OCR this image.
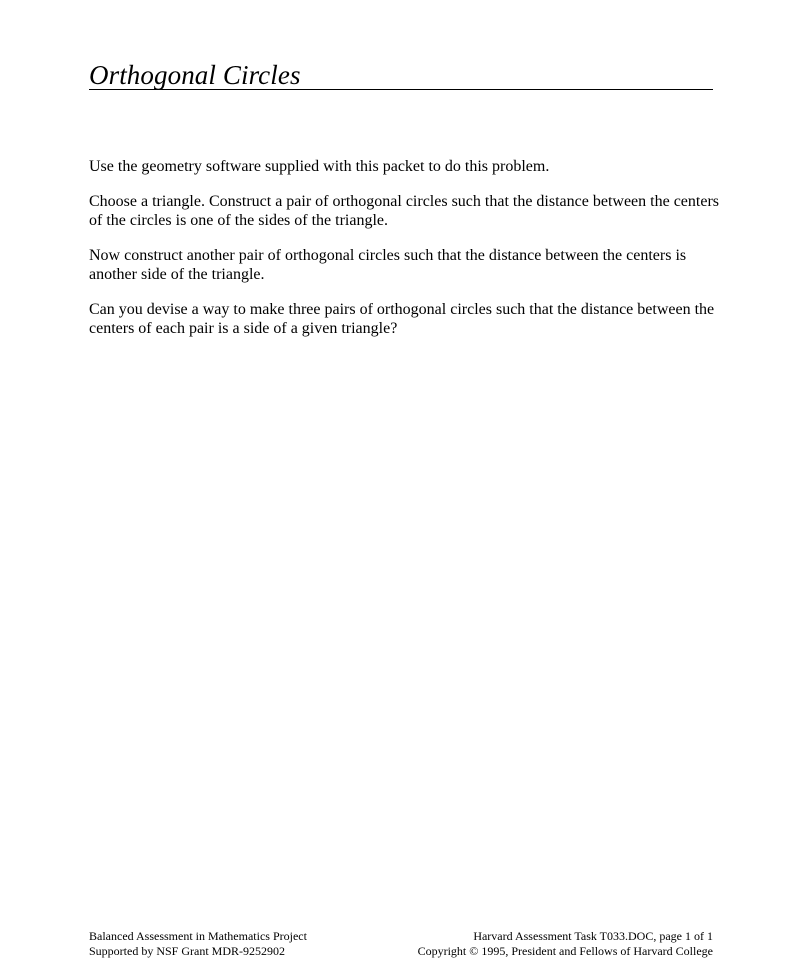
Orthogonal Circles

Use the geometry software supplied with this packet to do this problem.

Choose a triangle. Construct a pair of orthogonal circles such that the distance between the centers of the circles is one of the sides of the triangle.

Now construct another pair of orthogonal circles such that the distance between the centers is another side of the triangle.

Can you devise a way to make three pairs of orthogonal circles such that the distance between the centers of each pair is a side of a given triangle?

Balanced Assessment in Mathematics Project
Supported by NSF Grant MDR-9252902
Harvard Assessment Task T033.DOC, page 1 of 1
Copyright © 1995, President and Fellows of Harvard College
